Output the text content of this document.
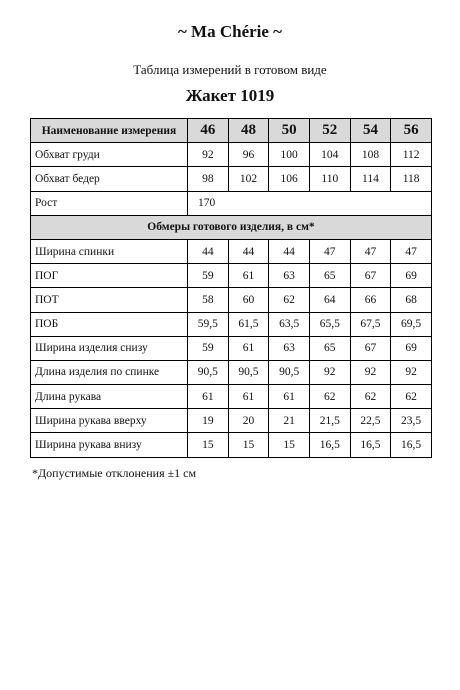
~ Ma Chérie ~
Таблица измерений в готовом виде
Жакет 1019
Наименование измерения	46	48	50	52	54	56
Обхват груди	92	96	100	104	108	112
Обхват бедер	98	102	106	110	114	118
Рост	170					
Обмеры готового изделия, в см*						
Ширина спинки	44	44	44	47	47	47
ПОГ	59	61	63	65	67	69
ПОТ	58	60	62	64	66	68
ПОБ	59,5	61,5	63,5	65,5	67,5	69,5
Ширина изделия снизу	59	61	63	65	67	69
Длина изделия по спинке	90,5	90,5	90,5	92	92	92
Длина рукава	61	61	61	62	62	62
Ширина рукава вверху	19	20	21	21,5	22,5	23,5
Ширина рукава внизу	15	15	15	16,5	16,5	16,5
*Допустимые отклонения ±1 см
